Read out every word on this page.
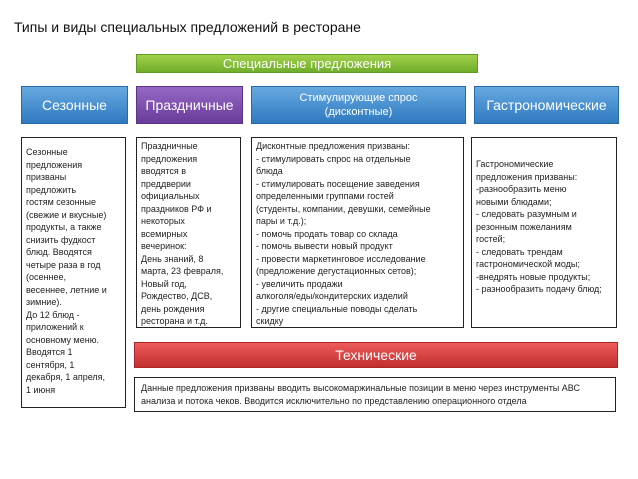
Типы и виды специальных предложений в ресторане
Специальные предложения
Сезонные	Праздничные	Стимулирующие спрос
(дисконтные)	Гастрономические
Сезонные
предложения
призваны
предложить
гостям сезонные
(свежие и вкусные)
продукты, а также
снизить фудкост
блюд. Вводятся
четыре раза в год
(осеннее,
весеннее, летние и
зимние).
До 12 блюд -
приложений к
основному меню.
Вводятся 1
сентября, 1
декабря, 1 апреля,
1 июня
Праздничные
предложения
вводятся в
преддверии
официальных
праздников РФ и
некоторых
всемирных
вечеринок:
День знаний, 8
марта, 23 февраля,
Новый год,
Рождество, ДСВ,
день рождения
ресторана и т.д.
Дисконтные предложения призваны:
- стимулировать спрос на отдельные
блюда
- стимулировать посещение заведения
определенными группами гостей
(студенты, компании, девушки, семейные
пары и т.д.);
- помочь продать товар со склада
- помочь вывести новый продукт
- провести маркетинговое исследование
(предложение дегустационных сетов);
- увеличить продажи
алкоголя/еды/кондитерских изделий
- другие специальные поводы сделать
скидку
Гастрономические
предложения призваны:
-разнообразить меню
новыми блюдами;
- следовать разумным и
резонным пожеланиям
гостей;
- следовать трендам
гастрономической моды;
-внедрять новые продукты;
- разнообразить подачу блюд;
Технические
Данные предложения призваны вводить высокомаржинальные позиции в меню через инструменты АВС
анализа и потока чеков. Вводится исключительно по представлению операционного отдела
